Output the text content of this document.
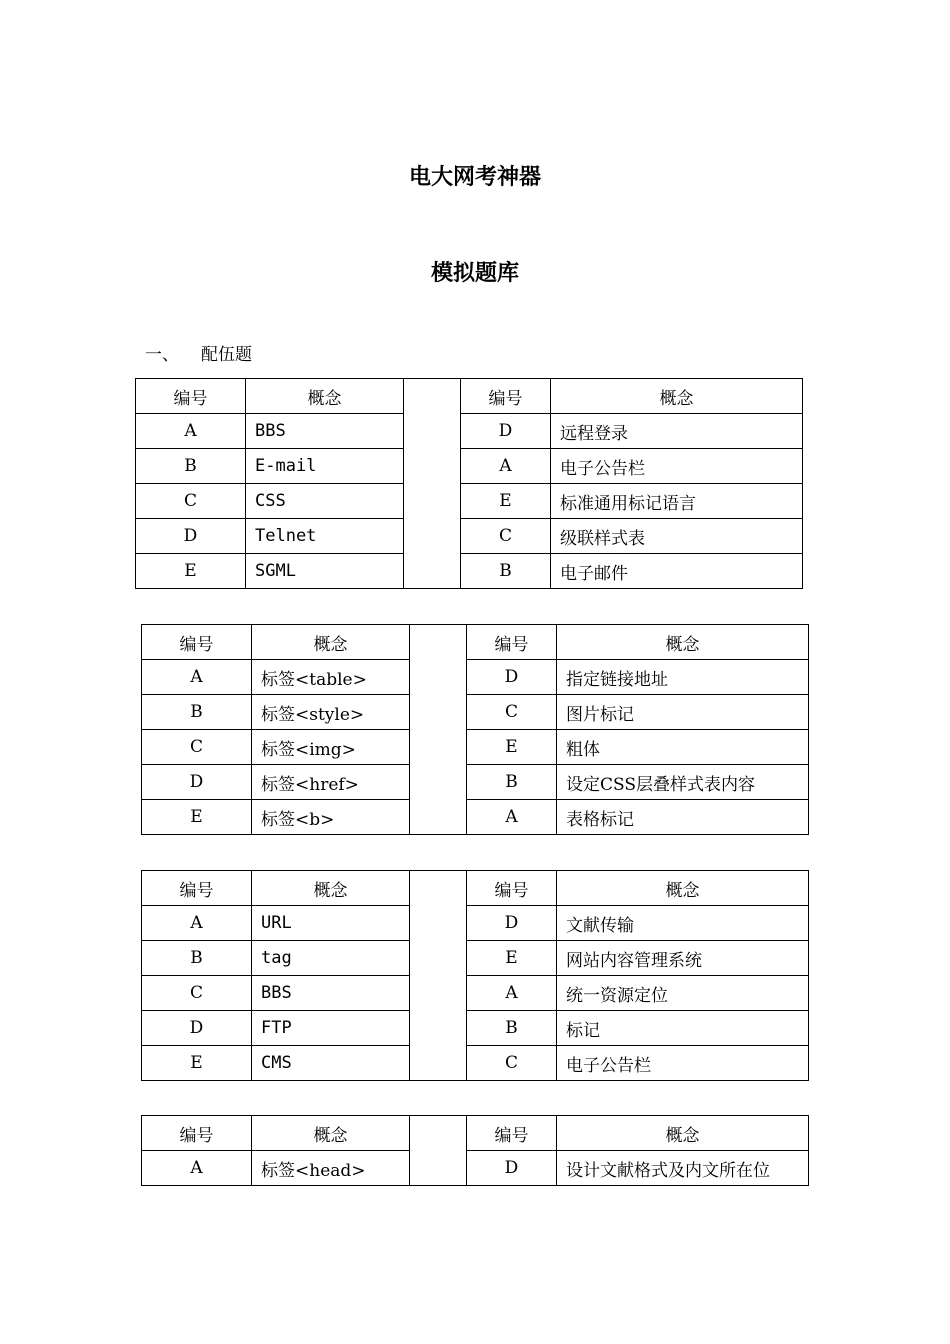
电大网考神器
模拟题库
一、 配伍题
编号	概念		编号	概念
A	BBS		D	远程登录
B	E-mail		A	电子公告栏
C	CSS		E	标准通用标记语言
D	Telnet		C	级联样式表
E	SGML		B	电子邮件
编号	概念		编号	概念
A	标签<table>		D	指定链接地址
B	标签<style>		C	图片标记
C	标签<img>		E	粗体
D	标签<href>		B	设定CSS层叠样式表内容
E	标签<b>		A	表格标记
编号	概念		编号	概念
A	URL		D	文献传输
B	tag		E	网站内容管理系统
C	BBS		A	统一资源定位
D	FTP		B	标记
E	CMS		C	电子公告栏
编号	概念		编号	概念
A	标签<head>		D	设计文献格式及内文所在位
